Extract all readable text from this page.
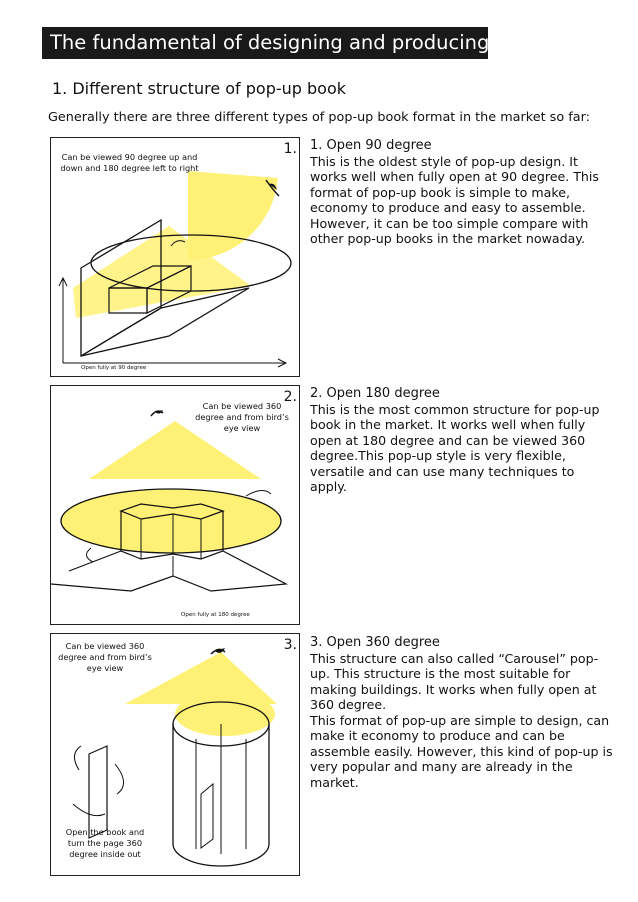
The fundamental of designing and producing Pop-up
1. Different structure of pop-up book
Generally there are three different types of pop-up book format in the market so far:
1.
Can be viewed 90 degree up and down and 180 degree left to right
Open fully at 90 degree
2.
Can be viewed 360 degree and from bird’s eye view
Open fully at 180 degree
3.
Can be viewed 360 degree and from bird’s eye view
Open the book and turn the page 360 degree inside out

1. Open 90 degree

This is the oldest style of pop-up design. It works well when fully open at 90 degree. This format of pop-up book is simple to make, economy to produce and easy to assemble. However, it can be too simple compare with other pop-up books in the market nowaday.

2. Open 180 degree

This is the most common structure for pop-up book in the market. It works well when fully open at 180 degree and can be viewed 360 degree.This pop-up style is very flexible, versatile and can use many techniques to apply.

3. Open 360 degree

This structure can also called “Carousel” pop-up. This structure is the most suitable for making buildings. It works when fully open at 360 degree.

This format of pop-up are simple to design, can make it economy to produce and can be assemble easily. However, this kind of pop-up is very popular and many are already in the market.
